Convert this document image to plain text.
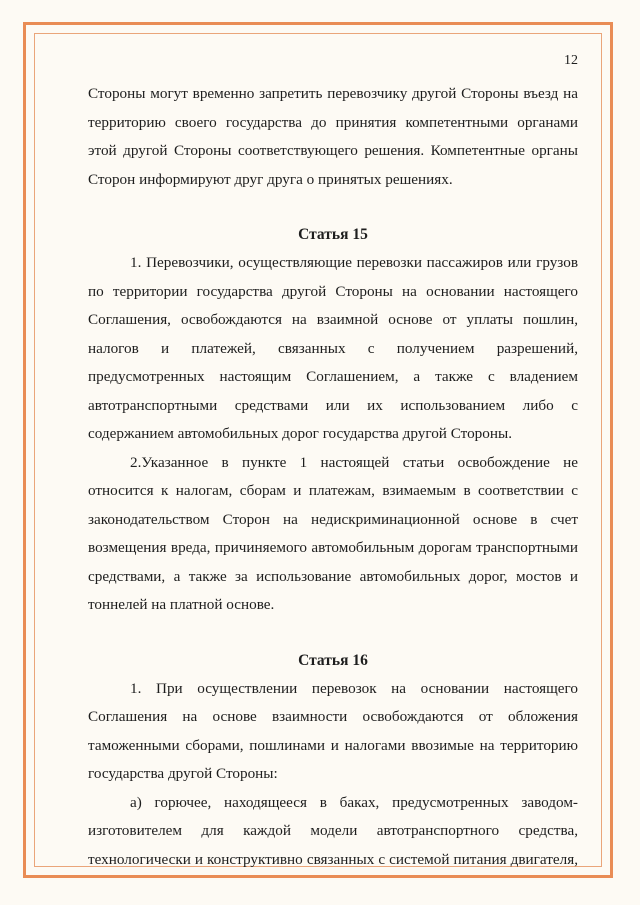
12

Стороны могут временно запретить перевозчику другой Стороны въезд на территорию своего государства до принятия компетентными органами этой другой Стороны соответствующего решения. Компетентные органы Сторон информируют друг друга о принятых решениях.

Статья 15

1. Перевозчики, осуществляющие перевозки пассажиров или грузов по территории государства другой Стороны на основании настоящего Соглашения, освобождаются на взаимной основе от уплаты пошлин, налогов и платежей, связанных с получением разрешений, предусмотренных настоящим Соглашением, а также с владением автотранспортными средствами или их использованием либо с содержанием автомобильных дорог государства другой Стороны.

2.Указанное в пункте 1 настоящей статьи освобождение не относится к налогам, сборам и платежам, взимаемым в соответствии с законодательством Сторон на недискриминационной основе в счет возмещения вреда, причиняемого автомобильным дорогам транспортными средствами, а также за использование автомобильных дорог, мостов и тоннелей на платной основе.

Статья 16

1. При осуществлении перевозок на основании настоящего Соглашения на основе взаимности освобождаются от обложения таможенными сборами, пошлинами и налогами ввозимые на территорию государства другой Стороны:

а) горючее, находящееся в баках, предусмотренных заводом-изготовителем для каждой модели автотранспортного средства, технологически и конструктивно связанных с системой питания двигателя,
